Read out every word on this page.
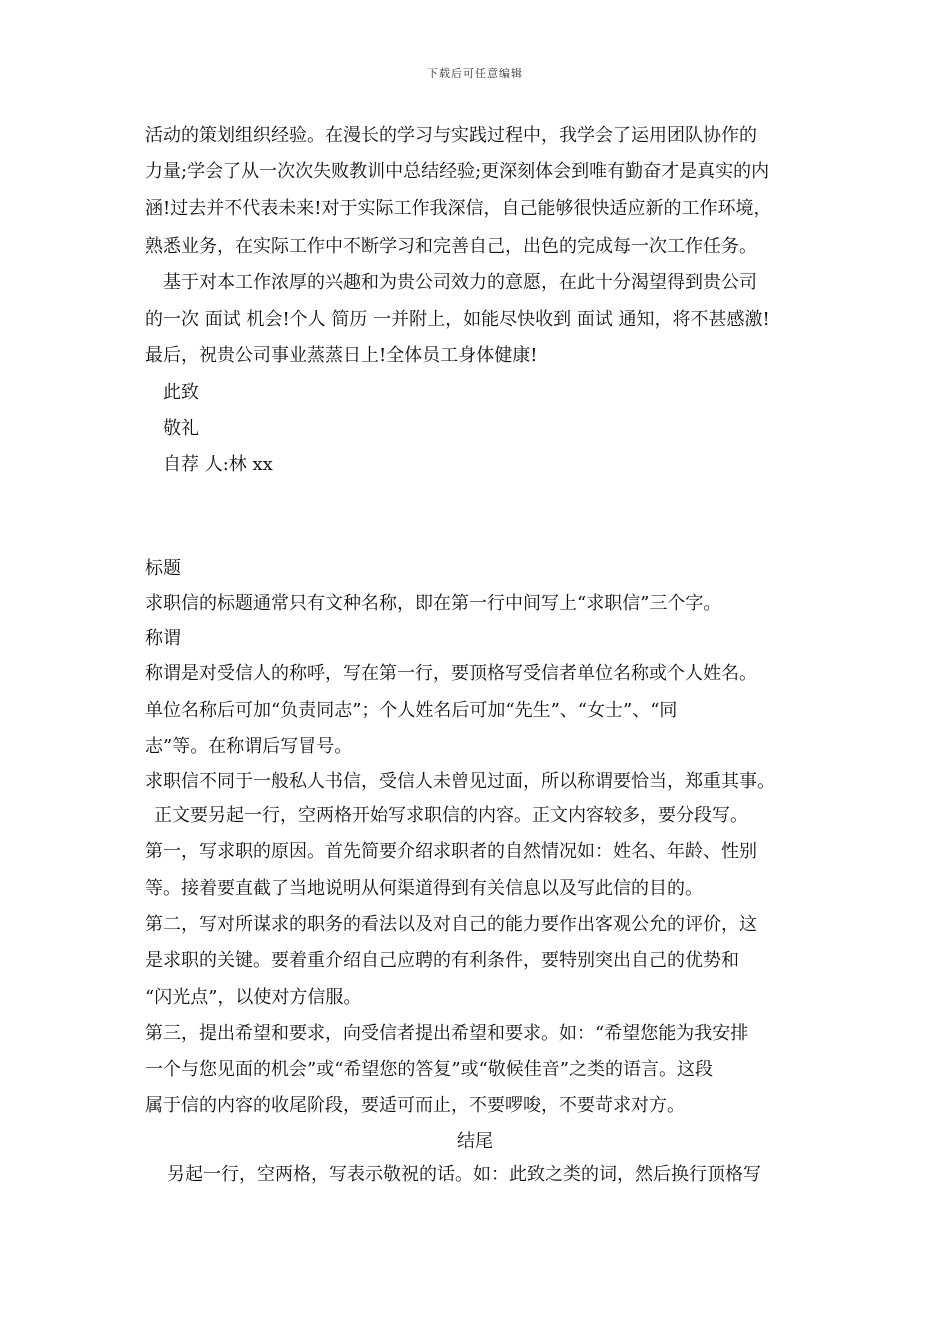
下载后可任意编辑
活动的策划组织经验。在漫长的学习与实践过程中，我学会了运用团队协作的
力量;学会了从一次次失败教训中总结经验;更深刻体会到唯有勤奋才是真实的内
涵!过去并不代表未来!对于实际工作我深信，自己能够很快适应新的工作环境，
熟悉业务，在实际工作中不断学习和完善自己，出色的完成每一次工作任务。
基于对本工作浓厚的兴趣和为贵公司效力的意愿，在此十分渴望得到贵公司
的一次 面试 机会!个人 简历 一并附上，如能尽快收到 面试 通知，将不甚感激!
最后，祝贵公司事业蒸蒸日上!全体员工身体健康!
此致
敬礼
自荐 人:林 xx
标题
求职信的标题通常只有文种名称，即在第一行中间写上“求职信”三个字。
称谓
称谓是对受信人的称呼，写在第一行，要顶格写受信者单位名称或个人姓名。
单位名称后可加“负责同志”；个人姓名后可加“先生”、“女士”、“同
志”等。在称谓后写冒号。
求职信不同于一般私人书信，受信人未曾见过面，所以称谓要恰当，郑重其事。
正文要另起一行，空两格开始写求职信的内容。正文内容较多，要分段写。
第一，写求职的原因。首先简要介绍求职者的自然情况如：姓名、年龄、性别
等。接着要直截了当地说明从何渠道得到有关信息以及写此信的目的。
第二，写对所谋求的职务的看法以及对自己的能力要作出客观公允的评价，这
是求职的关键。要着重介绍自己应聘的有利条件，要特别突出自己的优势和
“闪光点”，以使对方信服。
第三，提出希望和要求，向受信者提出希望和要求。如：“希望您能为我安排
一个与您见面的机会”或“希望您的答复”或“敬候佳音”之类的语言。这段
属于信的内容的收尾阶段，要适可而止，不要啰唆，不要苛求对方。
结尾
另起一行，空两格，写表示敬祝的话。如：此致之类的词，然后换行顶格写
